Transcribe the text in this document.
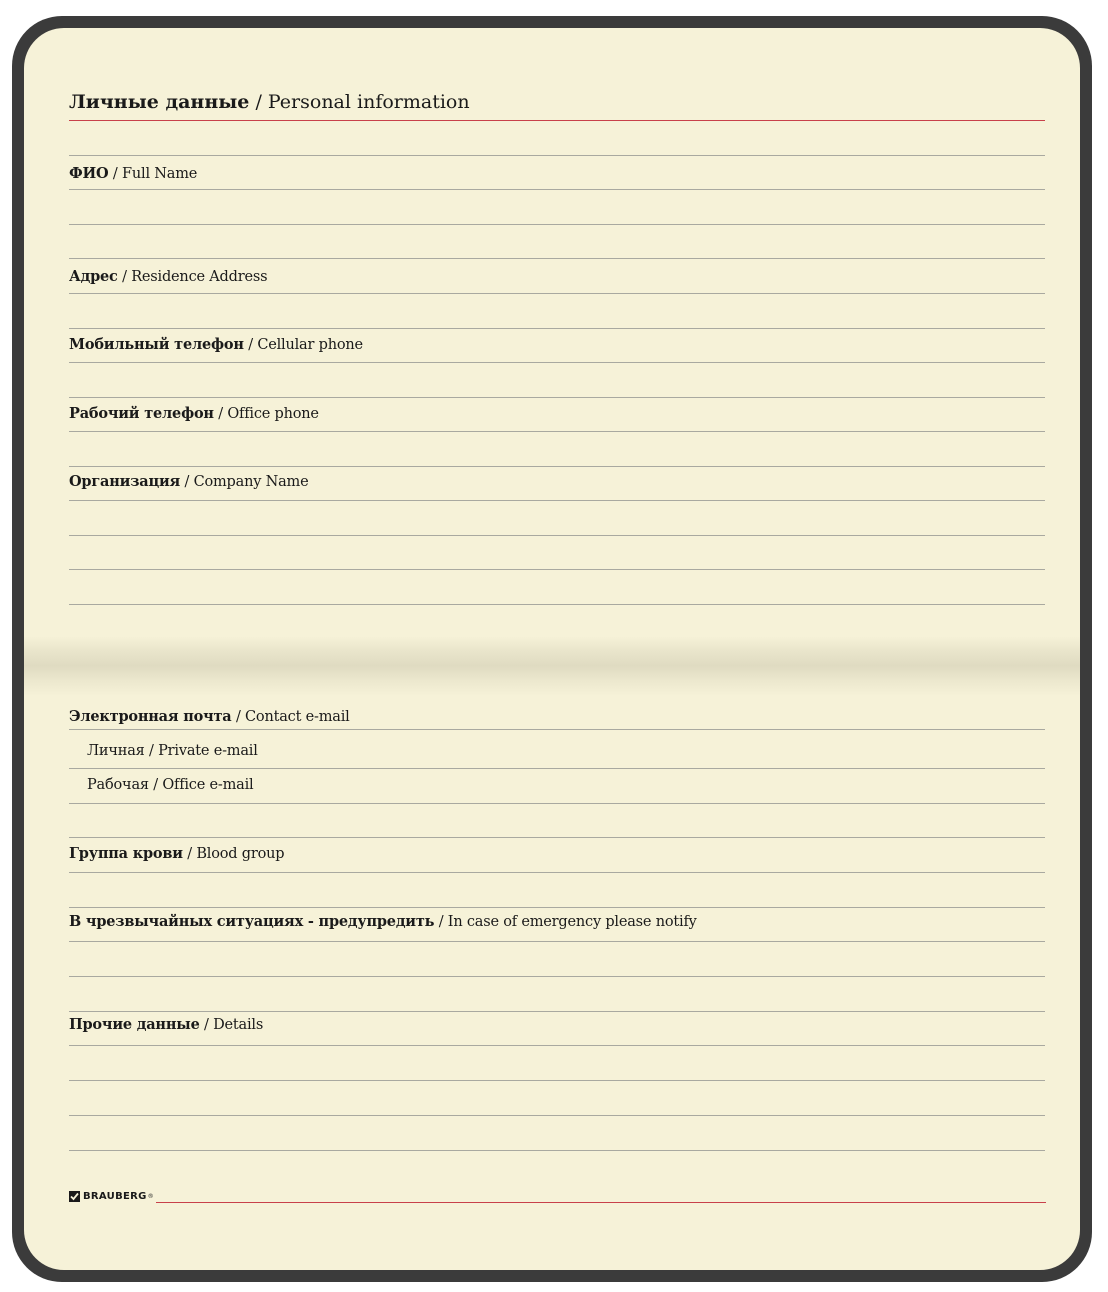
Личные данные / Personal information
ФИО / Full Name
Адрес / Residence Address
Мобильный телефон / Cellular phone
Рабочий телефон / Office phone
Организация / Company Name
Электронная почта / Contact e-mail
Личная / Private e-mail
Рабочая / Office e-mail
Группа крови / Blood group
В чрезвычайных ситуациях - предупредить / In case of emergency please notify
Прочие данные / Details
BRAUBERG ®
